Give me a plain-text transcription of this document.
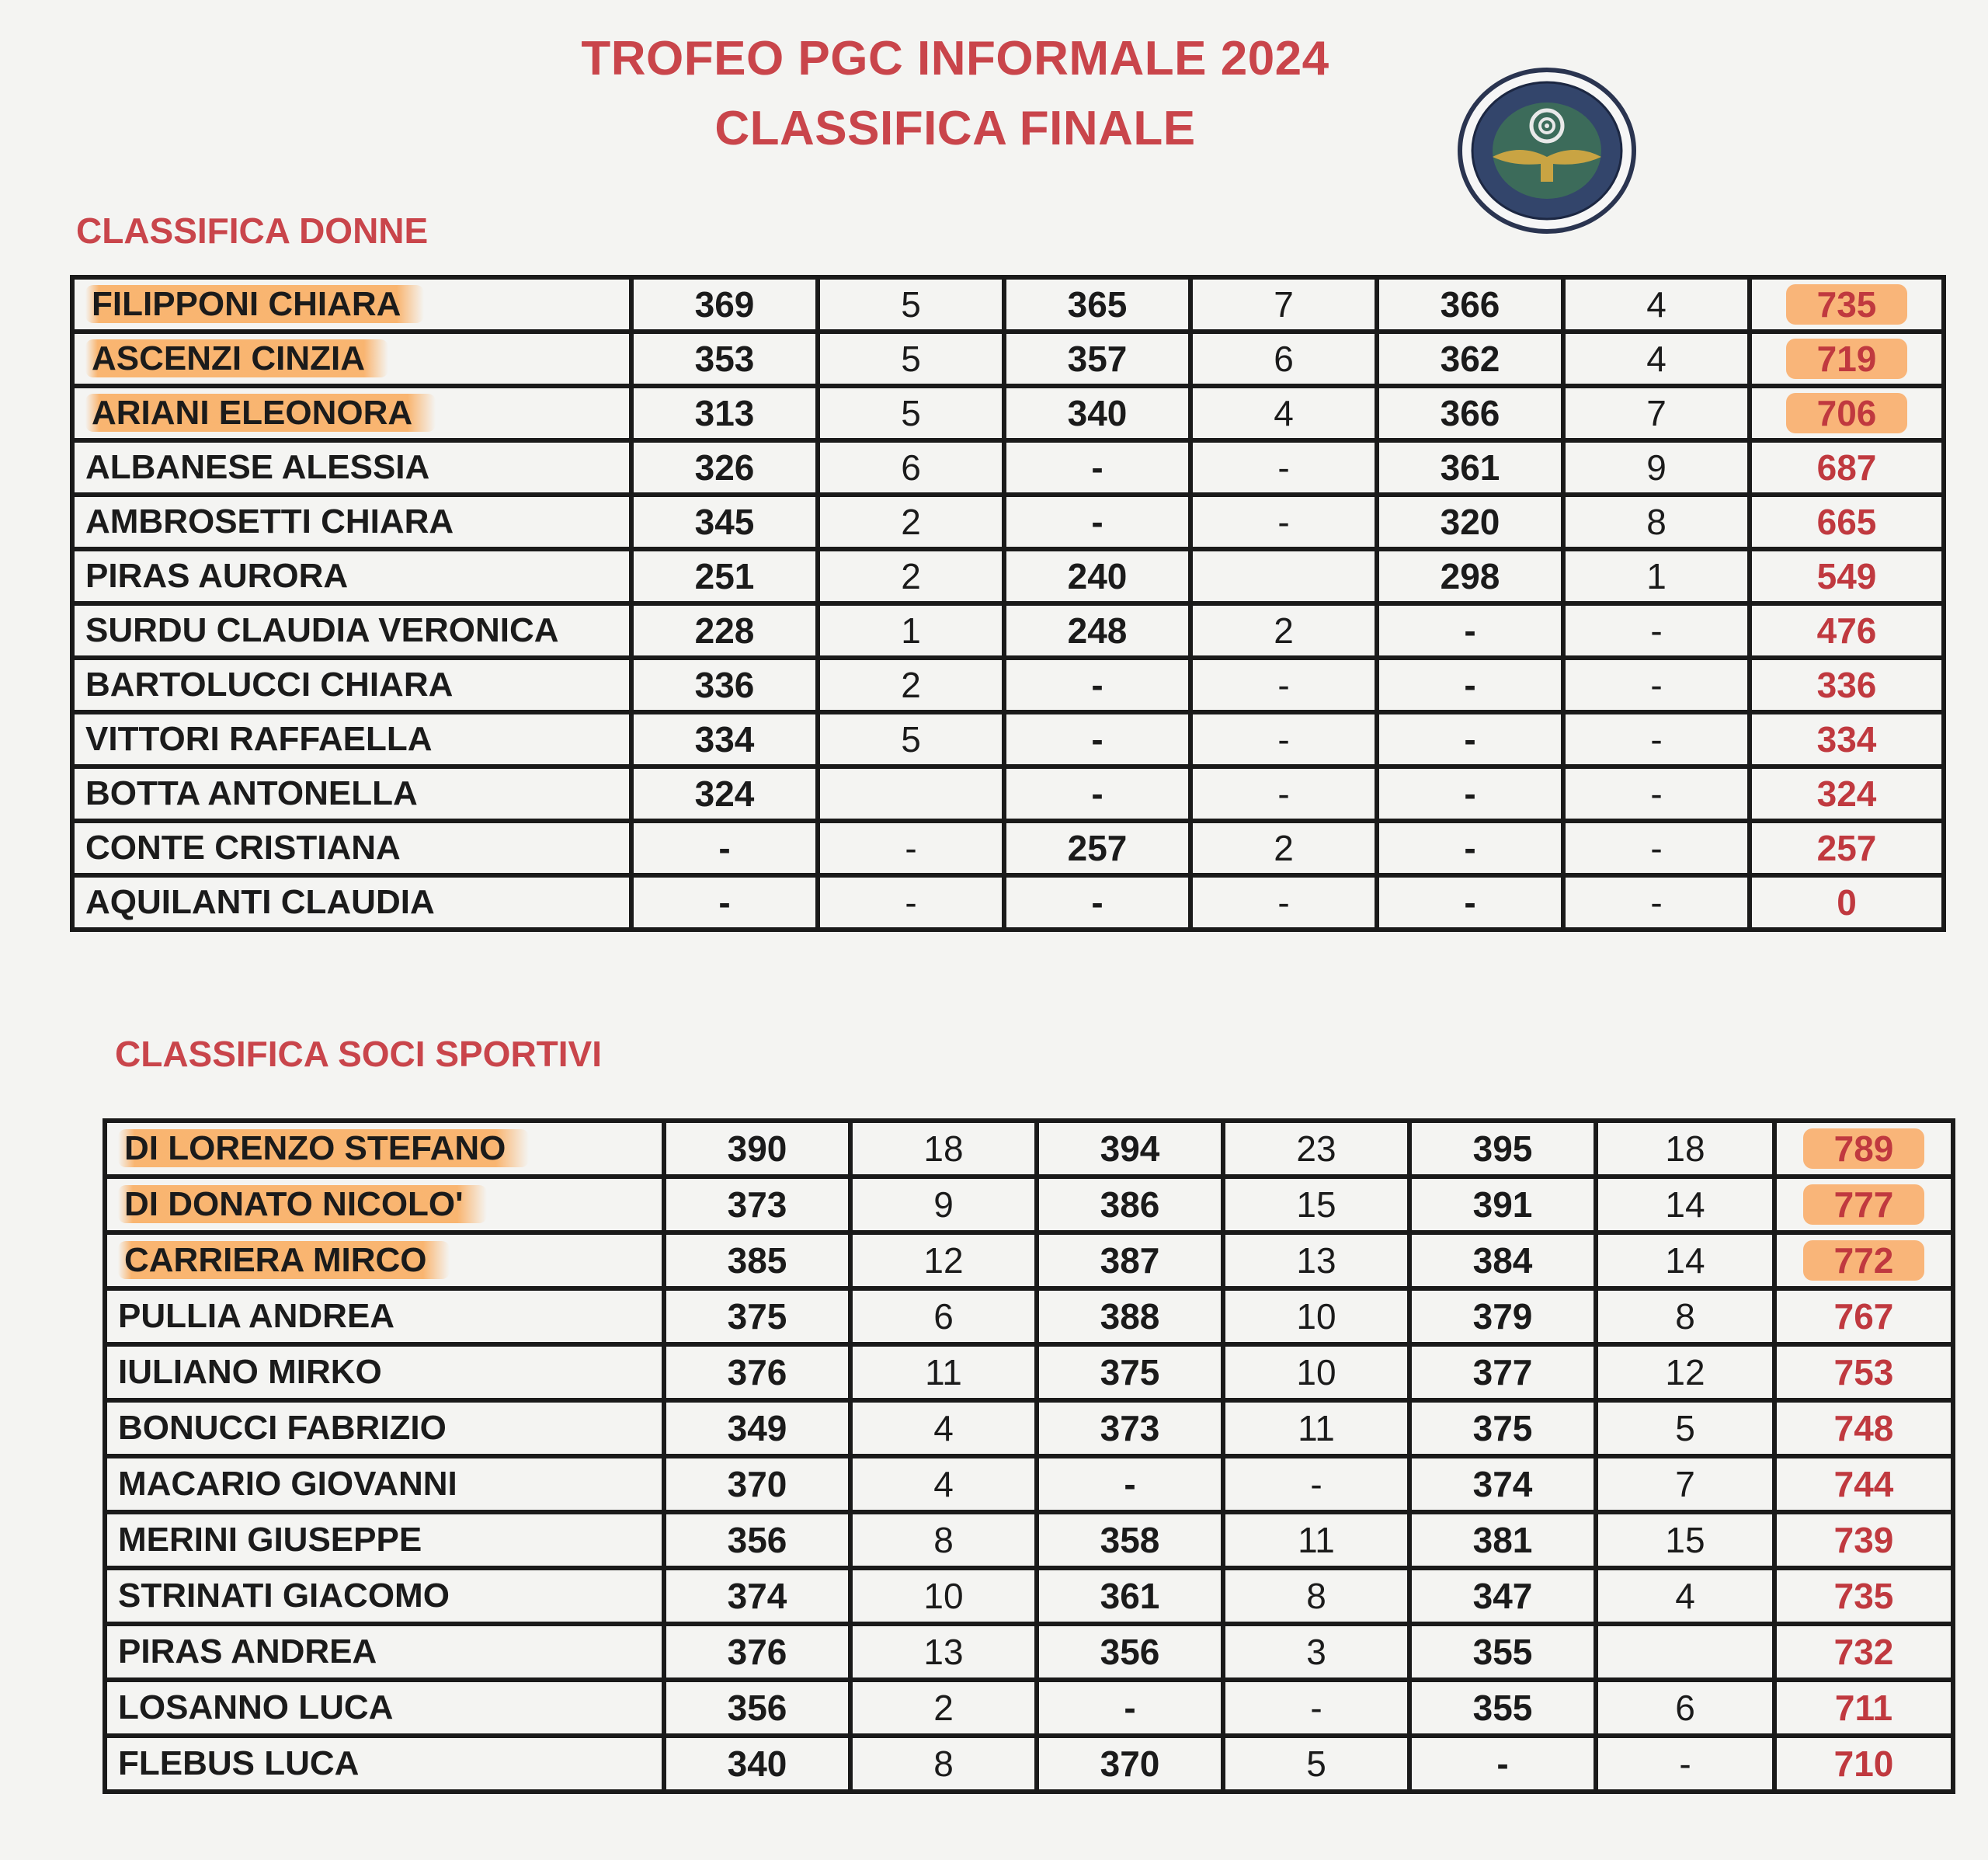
TROFEO PGC INFORMALE 2024
CLASSIFICA FINALE
CLASSIFICA DONNE
FILIPPONI CHIARA	369	5	365	7	366	4	735
ASCENZI CINZIA	353	5	357	6	362	4	719
ARIANI ELEONORA	313	5	340	4	366	7	706
ALBANESE ALESSIA	326	6	-	-	361	9	687
AMBROSETTI CHIARA	345	2	-	-	320	8	665
PIRAS AURORA	251	2	240		298	1	549
SURDU CLAUDIA VERONICA	228	1	248	2	-	-	476
BARTOLUCCI CHIARA	336	2	-	-	-	-	336
VITTORI RAFFAELLA	334	5	-	-	-	-	334
BOTTA ANTONELLA	324		-	-	-	-	324
CONTE CRISTIANA	-	-	257	2	-	-	257
AQUILANTI CLAUDIA	-	-	-	-	-	-	0
CLASSIFICA SOCI SPORTIVI
DI LORENZO STEFANO	390	18	394	23	395	18	789
DI DONATO NICOLO'	373	9	386	15	391	14	777
CARRIERA MIRCO	385	12	387	13	384	14	772
PULLIA ANDREA	375	6	388	10	379	8	767
IULIANO MIRKO	376	11	375	10	377	12	753
BONUCCI FABRIZIO	349	4	373	11	375	5	748
MACARIO GIOVANNI	370	4	-	-	374	7	744
MERINI GIUSEPPE	356	8	358	11	381	15	739
STRINATI GIACOMO	374	10	361	8	347	4	735
PIRAS ANDREA	376	13	356	3	355		732
LOSANNO LUCA	356	2	-	-	355	6	711
FLEBUS LUCA	340	8	370	5	-	-	710
